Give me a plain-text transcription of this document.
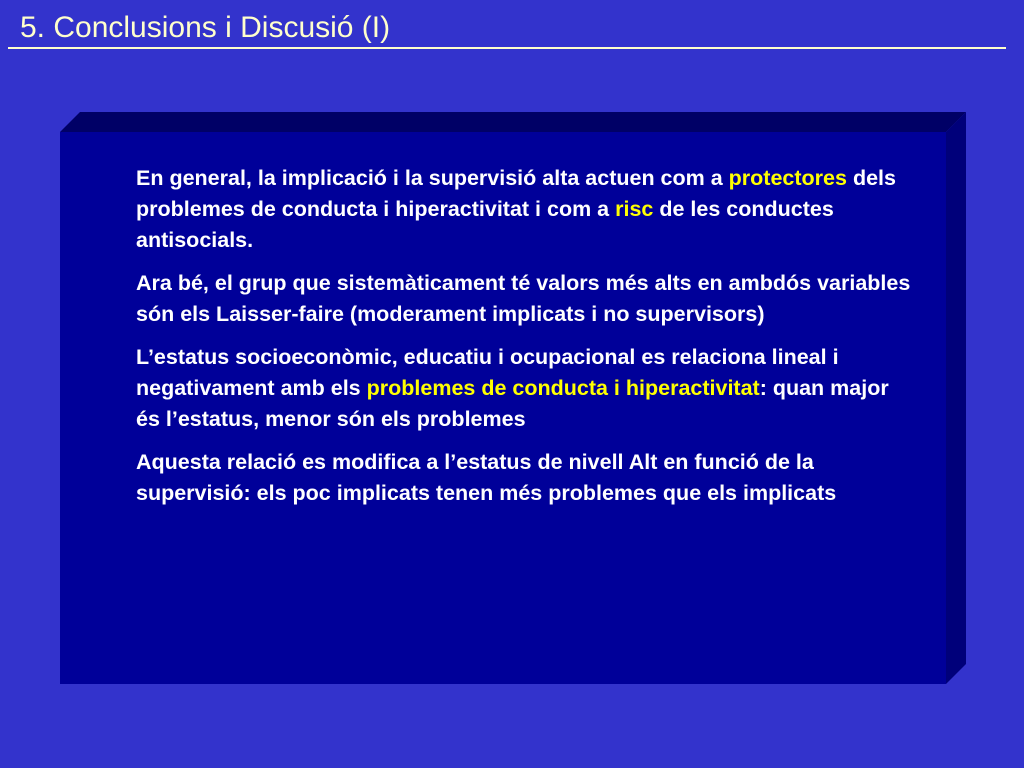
5. Conclusions i Discusió (I)

En general, la implicació i la supervisió alta actuen com a protectores dels problemes de conducta i hiperactivitat i com a risc de les conductes antisocials.

Ara bé, el grup que sistemàticament té valors més alts en ambdós variables són els Laisser-faire (moderament implicats i no supervisors)

L’estatus socioeconòmic, educatiu i ocupacional es relaciona lineal i negativament amb els problemes de conducta i hiperactivitat: quan major és l’estatus, menor són els problemes

Aquesta relació es modifica a l’estatus de nivell Alt en funció de la supervisió: els poc implicats tenen més problemes que els implicats
